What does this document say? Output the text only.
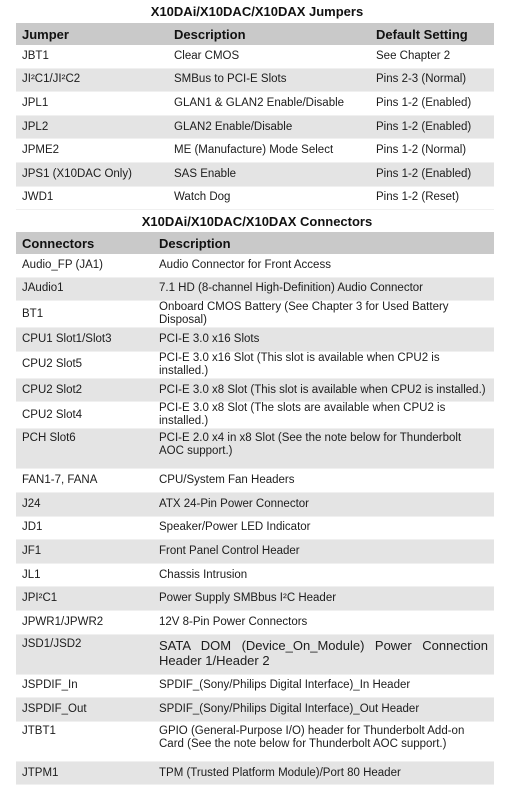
X10DAi/X10DAC/X10DAX Jumpers
Jumper	Description	Default Setting
JBT1	Clear CMOS	See Chapter 2
JI²C1/JI²C2	SMBus to PCI-E Slots	Pins 2-3 (Normal)
JPL1	GLAN1 & GLAN2 Enable/Disable	Pins 1-2 (Enabled)
JPL2	GLAN2 Enable/Disable	Pins 1-2 (Enabled)
JPME2	ME (Manufacture) Mode Select	Pins 1-2 (Normal)
JPS1 (X10DAC Only)	SAS Enable	Pins 1-2 (Enabled)
JWD1	Watch Dog	Pins 1-2 (Reset)
X10DAi/X10DAC/X10DAX Connectors
Connectors	Description
Audio_FP (JA1)	Audio Connector for Front Access
JAudio1	7.1 HD (8-channel High-Definition) Audio Connector
BT1	Onboard CMOS Battery (See Chapter 3 for Used Battery Disposal)
CPU1 Slot1/Slot3	PCI-E 3.0 x16 Slots
CPU2 Slot5	PCI-E 3.0 x16 Slot (This slot is available when CPU2 is installed.)
CPU2 Slot2	PCI-E 3.0 x8 Slot (This slot is available when CPU2 is installed.)
CPU2 Slot4	PCI-E 3.0 x8 Slot (The slots are available when CPU2 is installed.)
PCH Slot6	PCI-E 2.0 x4 in x8 Slot (See the note below for Thunderbolt AOC support.)
FAN1-7, FANA	CPU/System Fan Headers
J24	ATX 24-Pin Power Connector
JD1	Speaker/Power LED Indicator
JF1	Front Panel Control Header
JL1	Chassis Intrusion
JPI²C1	Power Supply SMBbus I²C Header
JPWR1/JPWR2	12V 8-Pin Power Connectors
JSD1/JSD2	SATA DOM (Device_On_Module) Power Connection Header 1/Header 2
JSPDIF_In	SPDIF_(Sony/Philips Digital Interface)_In Header
JSPDIF_Out	SPDIF_(Sony/Philips Digital Interface)_Out Header
JTBT1	GPIO (General-Purpose I/O) header for Thunderbolt Add-on Card (See the note below for Thunderbolt AOC support.)
JTPM1	TPM (Trusted Platform Module)/Port 80 Header
